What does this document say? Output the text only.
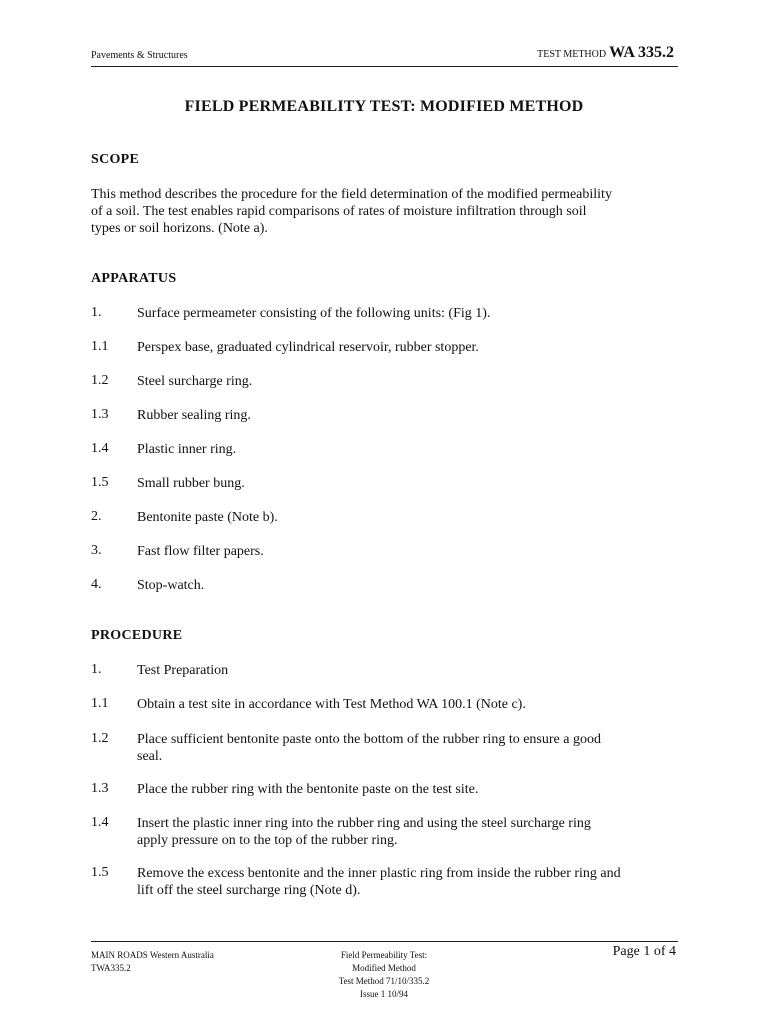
Pavements & Structures	TEST METHOD WA 335.2
FIELD PERMEABILITY TEST: MODIFIED METHOD
SCOPE
This method describes the procedure for the field determination of the modified permeability
of a soil. The test enables rapid comparisons of rates of moisture infiltration through soil
types or soil horizons. (Note a).
APPARATUS
1.	Surface permeameter consisting of the following units: (Fig 1).
1.1 Perspex base, graduated cylindrical reservoir, rubber stopper.
1.2 Steel surcharge ring.
1.3 Rubber sealing ring.
1.4 Plastic inner ring.
1.5 Small rubber bung.
2.	Bentonite paste (Note b).
3.	Fast flow filter papers.
4.	Stop-watch.
PROCEDURE
1.	Test Preparation
1.1 Obtain a test site in accordance with Test Method WA 100.1 (Note c).
1.2 Place sufficient bentonite paste onto the bottom of the rubber ring to ensure a good
seal.
1.3 Place the rubber ring with the bentonite paste on the test site.
1.4 Insert the plastic inner ring into the rubber ring and using the steel surcharge ring
apply pressure on to the top of the rubber ring.
1.5 Remove the excess bentonite and the inner plastic ring from inside the rubber ring and
lift off the steel surcharge ring (Note d).
MAIN ROADS Western Australia
TWA335.2
Field Permeability Test:
Modified Method
Test Method 71/10/335.2
Issue 1 10/94
Page 1 of 4
